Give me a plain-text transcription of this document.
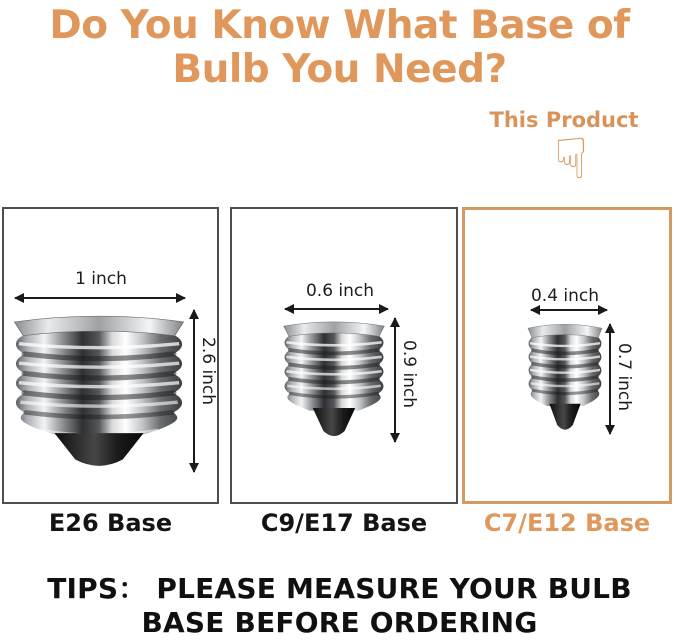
Do You Know What Base of
Bulb You Need?
This Product
☟
1 inch
2.6 inch
0.6 inch
0.9 inch
0.4 inch
0.7 inch
E26 Base	C9/E17 Base	C7/E12 Base
TIPS： PLEASE MEASURE YOUR BULB
BASE BEFORE ORDERING
